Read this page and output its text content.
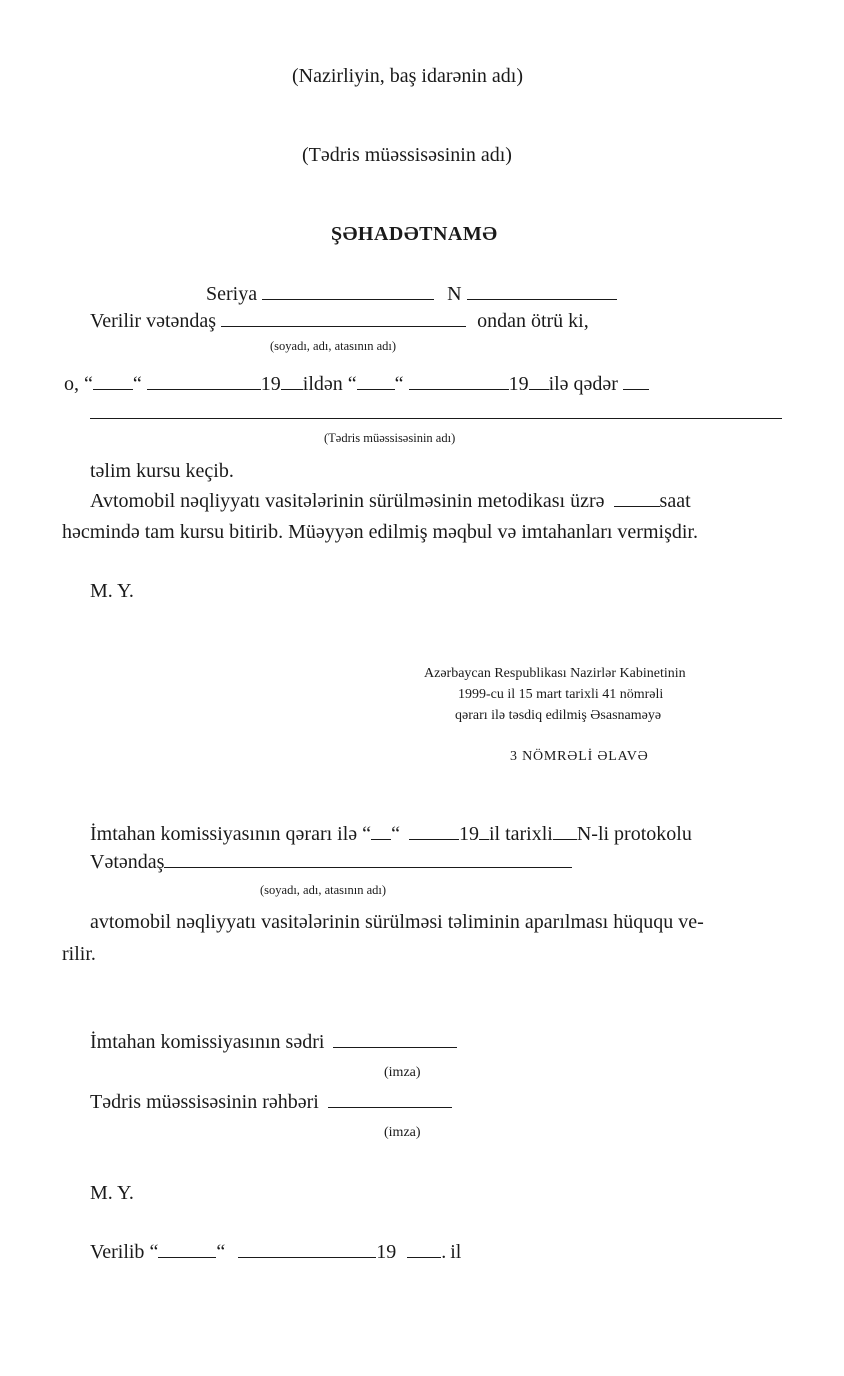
(Nazirliyin, baş idarənin adı)
(Tədris müəssisəsinin adı)
ŞƏHADƏTNAMƏ
Seriya	N
Verilir vətəndaş	ondan ötrü ki,
(soyadı, adı, atasının adı)
o, “ “	19 ildən “ “	19 ilə qədər
(Tədris müəssisəsinin adı)
təlim kursu keçib.
Avtomobil nəqliyyatı vasitələrinin sürülməsinin metodikası üzrə	saat
həcmində tam kursu bitirib. Müəyyən edilmiş məqbul və imtahanları vermişdir.
M. Y.
Azərbaycan Respublikası Nazirlər Kabinetinin
1999-cu il 15 mart tarixli 41 nömrəli
qərarı ilə təsdiq edilmiş Əsasnaməyə
3 NÖMRƏLİ ƏLAVƏ
İmtahan komissiyasının qərarı ilə “ “	19 il tarixli N-li protokolu
Vətəndaş
(soyadı, adı, atasının adı)
avtomobil nəqliyyatı vasitələrinin sürülməsi təliminin aparılması hüququ ve-
rilir.
İmtahan komissiyasının sədri
(imza)
Tədris müəssisəsinin rəhbəri
(imza)
M. Y.
Verilib “	“	19 . il
